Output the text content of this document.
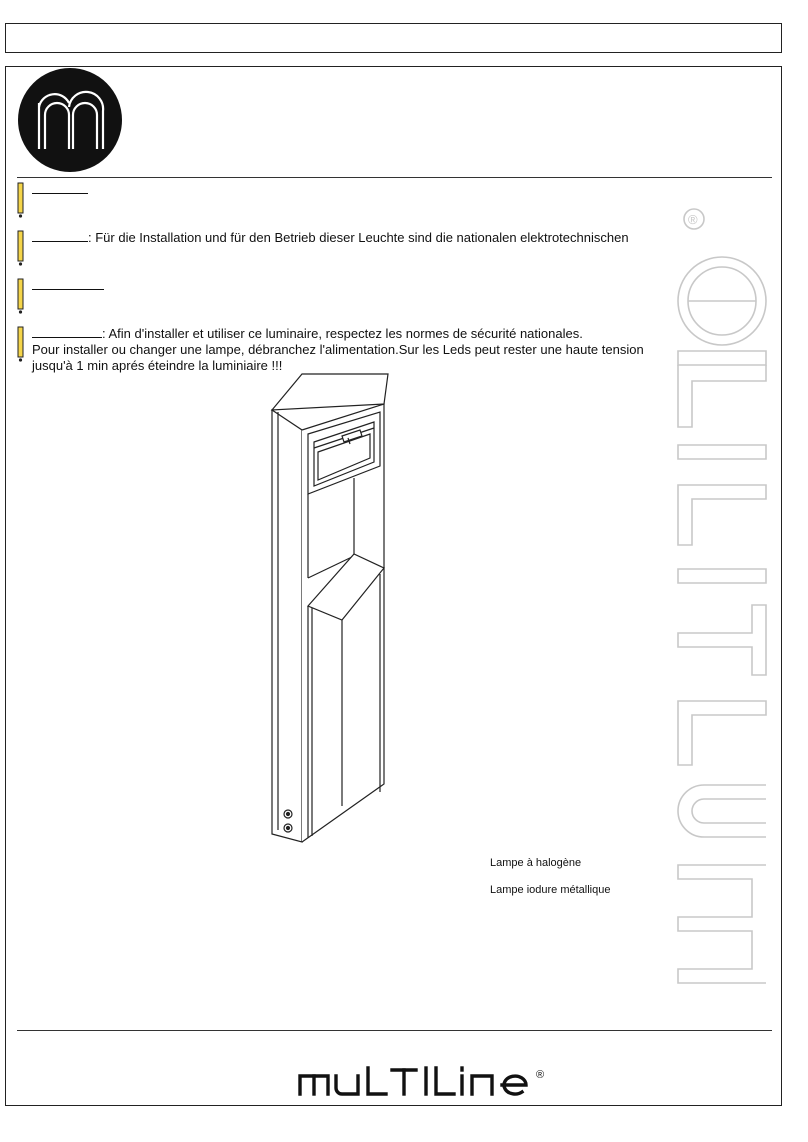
: Für die Installation und für den Betrieb dieser Leuchte sind die nationalen elektrotechnischen
: Afin d'installer et utiliser ce luminaire, respectez les normes de sécurité nationales.
Pour installer ou changer une lampe, débranchez l'alimentation.Sur les Leds peut rester une haute tension
jusqu'à 1 min aprés éteindre la luminiaire !!!
Lampe à halogène
Lampe iodure métallique
®
®
